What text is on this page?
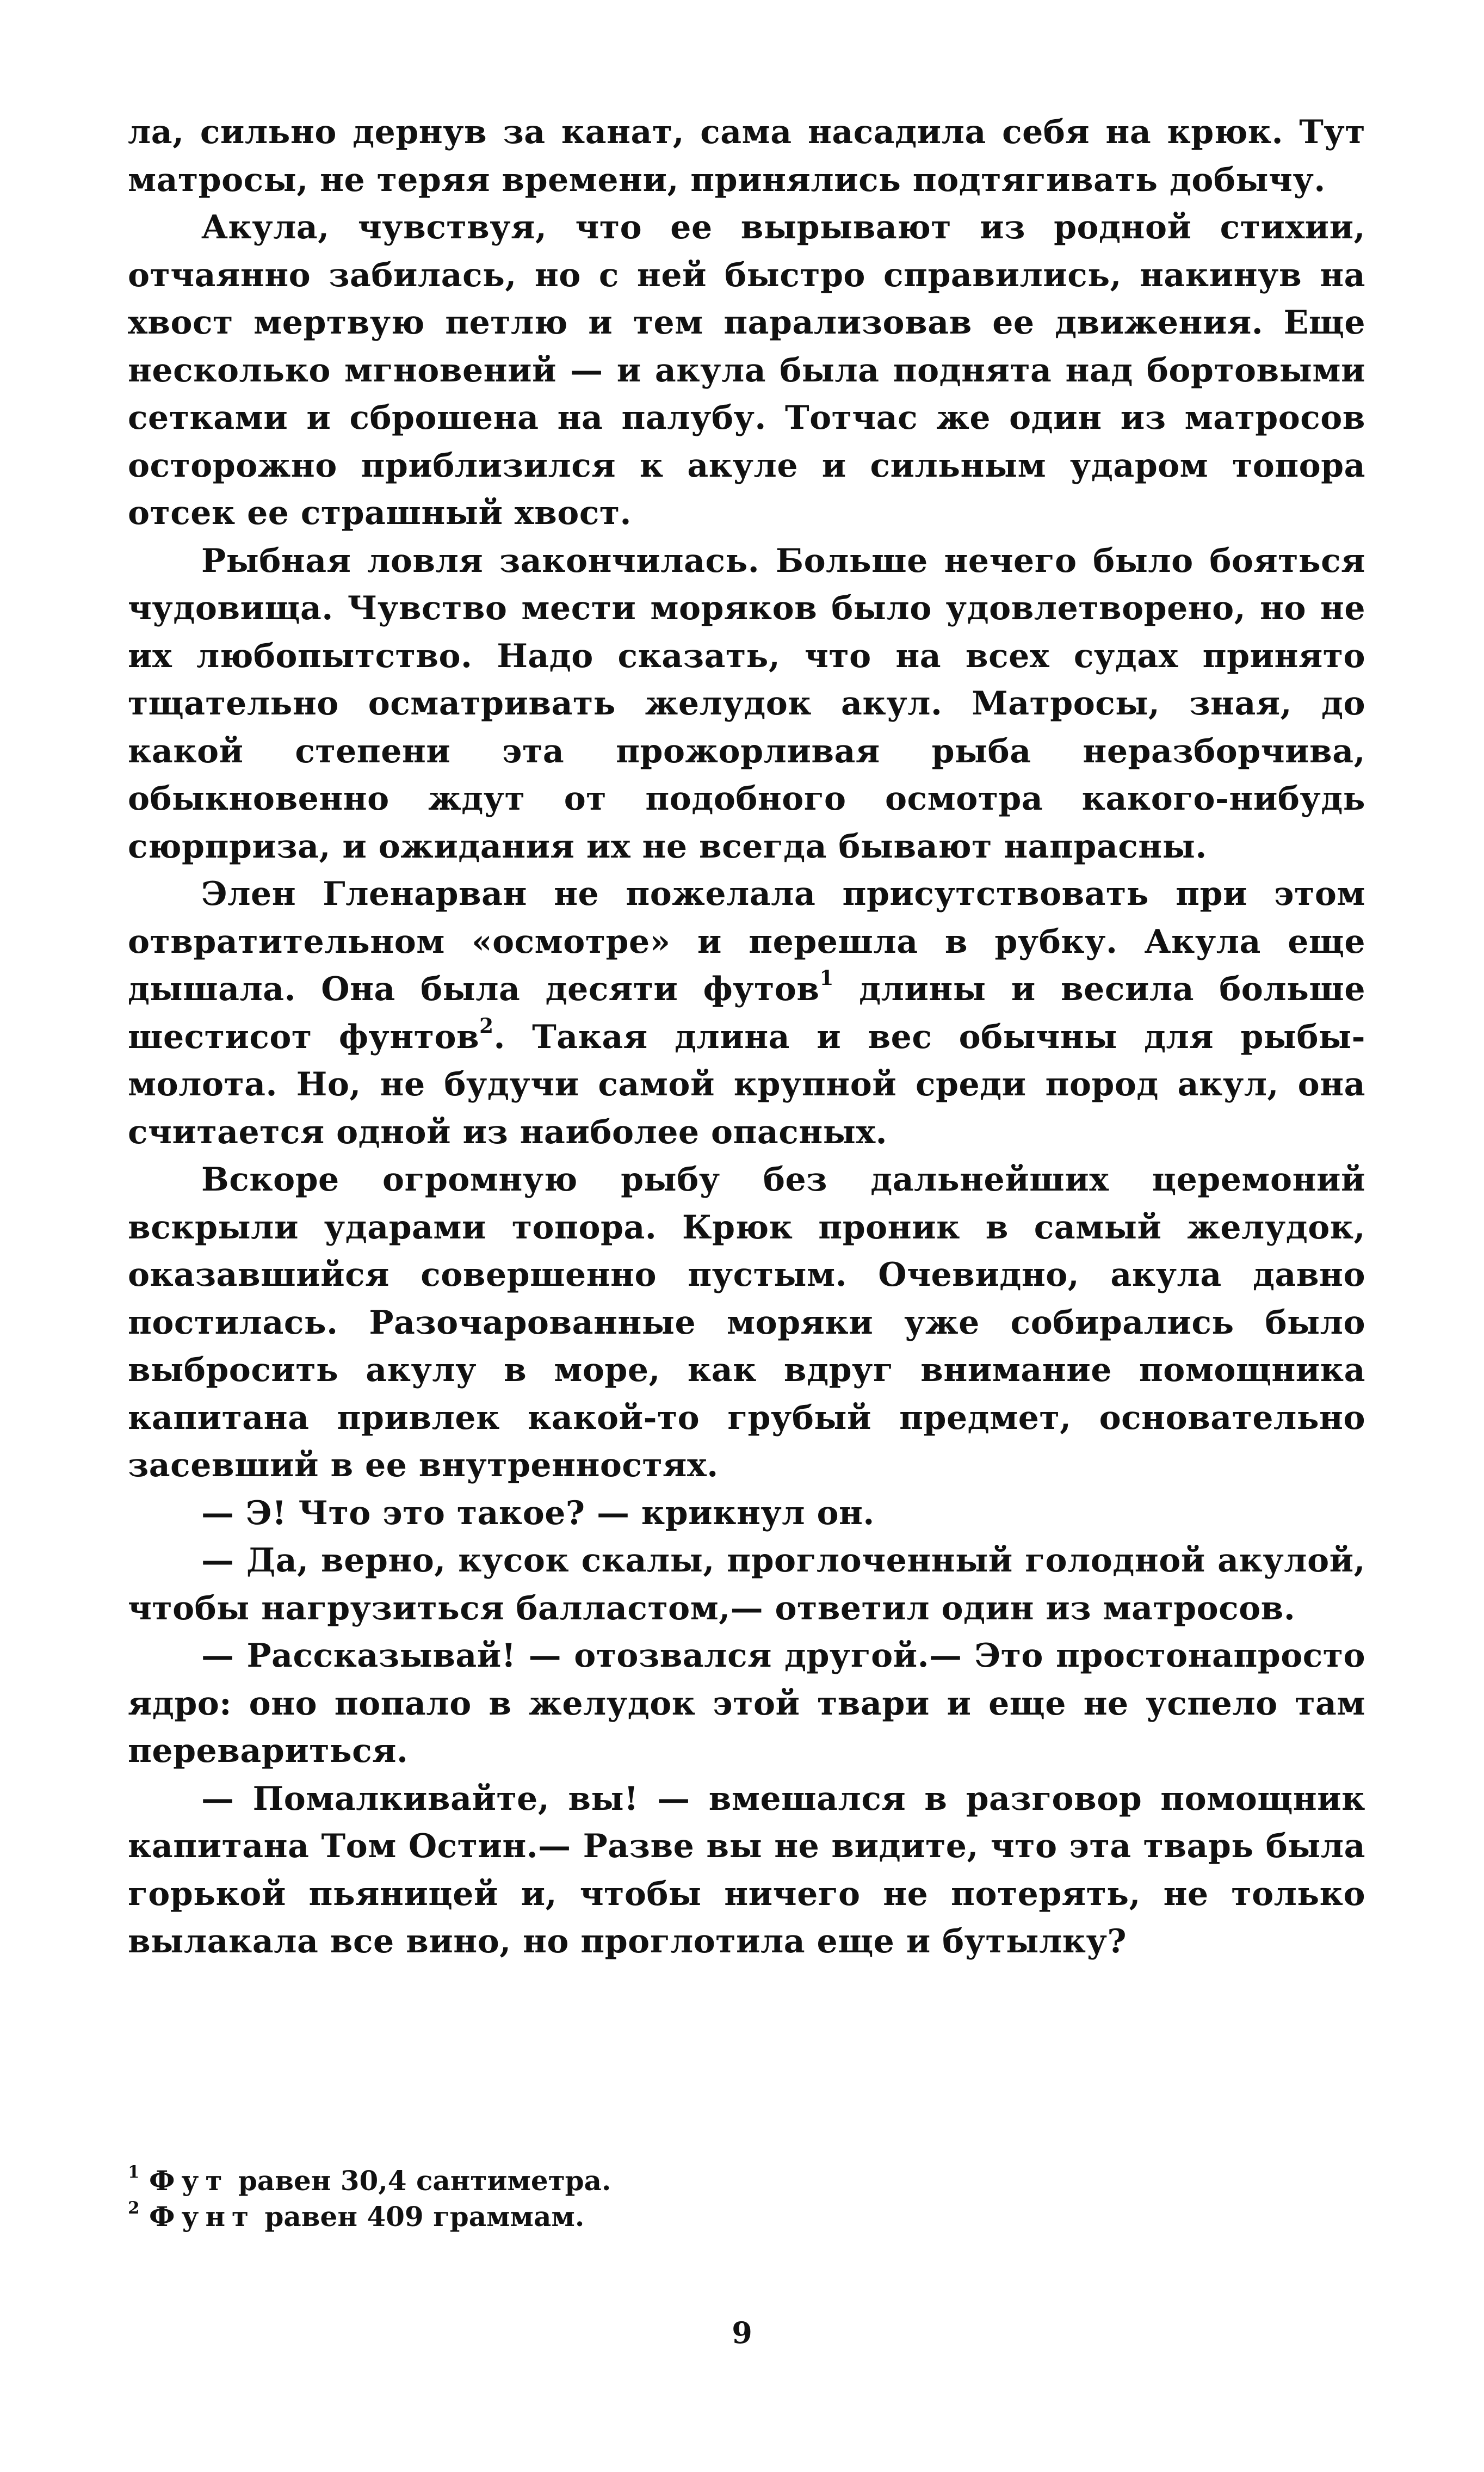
ла, сильно дернув за канат, сама насадила себя на крюк. Тут матросы, не теряя времени, принялись подтягивать добычу.

Акула, чувствуя, что ее вырывают из родной стихии, отчаянно забилась, но с ней быстро справились, накинув на хвост мертвую петлю и тем парализовав ее движения. Еще несколько мгновений — и акула была поднята над бортовыми сетками и сброшена на палубу. Тотчас же один из матросов осторожно приблизился к акуле и сильным ударом топора отсек ее страшный хвост.

Рыбная ловля закончилась. Больше нечего было бояться чудовища. Чувство мести моряков было удовлетворено, но не их любопытство. Надо сказать, что на всех судах принято тщательно осматривать желудок акул. Матросы, зная, до какой степени эта прожорливая рыба неразборчива, обыкновенно ждут от подобного осмотра какого-нибудь сюрприза, и ожидания их не всегда бывают напрасны.

Элен Гленарван не пожелала присутствовать при этом отвратительном «осмотре» и перешла в рубку. Акула еще дышала. Она была десяти футов$^1$ длины и весила больше шестисот фунтов$^2$. Такая длина и вес обычны для рыбы-молота. Но, не будучи самой крупной среди пород акул, она считается одной из наиболее опасных.

Вскоре огромную рыбу без дальнейших церемоний вскрыли ударами топора. Крюк проник в самый желудок, оказавшийся совершенно пустым. Очевидно, акула давно постилась. Разочарованные моряки уже собирались было выбросить акулу в море, как вдруг внимание помощника капитана привлек какой-то грубый предмет, основательно засевший в ее внутренностях.

— Э! Что это такое? — крикнул он.

— Да, верно, кусок скалы, проглоченный голодной акулой, чтобы нагрузиться балластом,— ответил один из матросов.

— Рассказывай! — отозвался другой.— Это простонапросто ядро: оно попало в желудок этой твари и еще не успело там перевариться.

— Помалкивайте, вы! — вмешался в разговор помощник капитана Том Остин.— Разве вы не видите, что эта тварь была горькой пьяницей и, чтобы ничего не потерять, не только вылакала все вино, но проглотила еще и бутылку?

$^1$ Фут равен 30,4 сантиметра.

$^2$ Фунт равен 409 граммам.

9
